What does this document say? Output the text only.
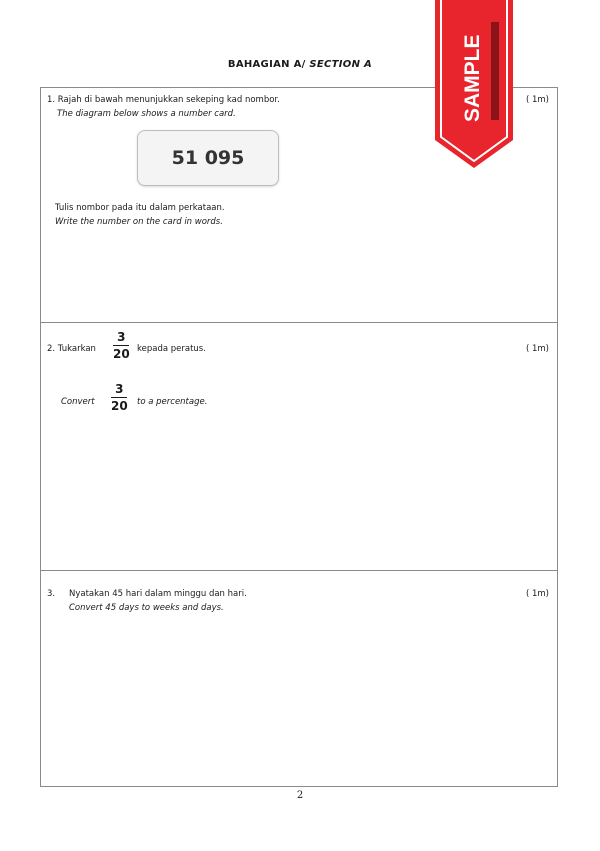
BAHAGIAN A/ SECTION A
1. Rajah di bawah menunjukkan sekeping kad nombor.
The diagram below shows a number card.
( 1m)
51 095
Tulis nombor pada itu dalam perkataan.
Write the number on the card in words.
2. Tukarkan
3
20 kepada peratus.	( 1m)
Convert
3
20 to a percentage.
3. Nyatakan 45 hari dalam minggu dan hari.
Convert 45 days to weeks and days.
( 1m)
SAMPLE
2
